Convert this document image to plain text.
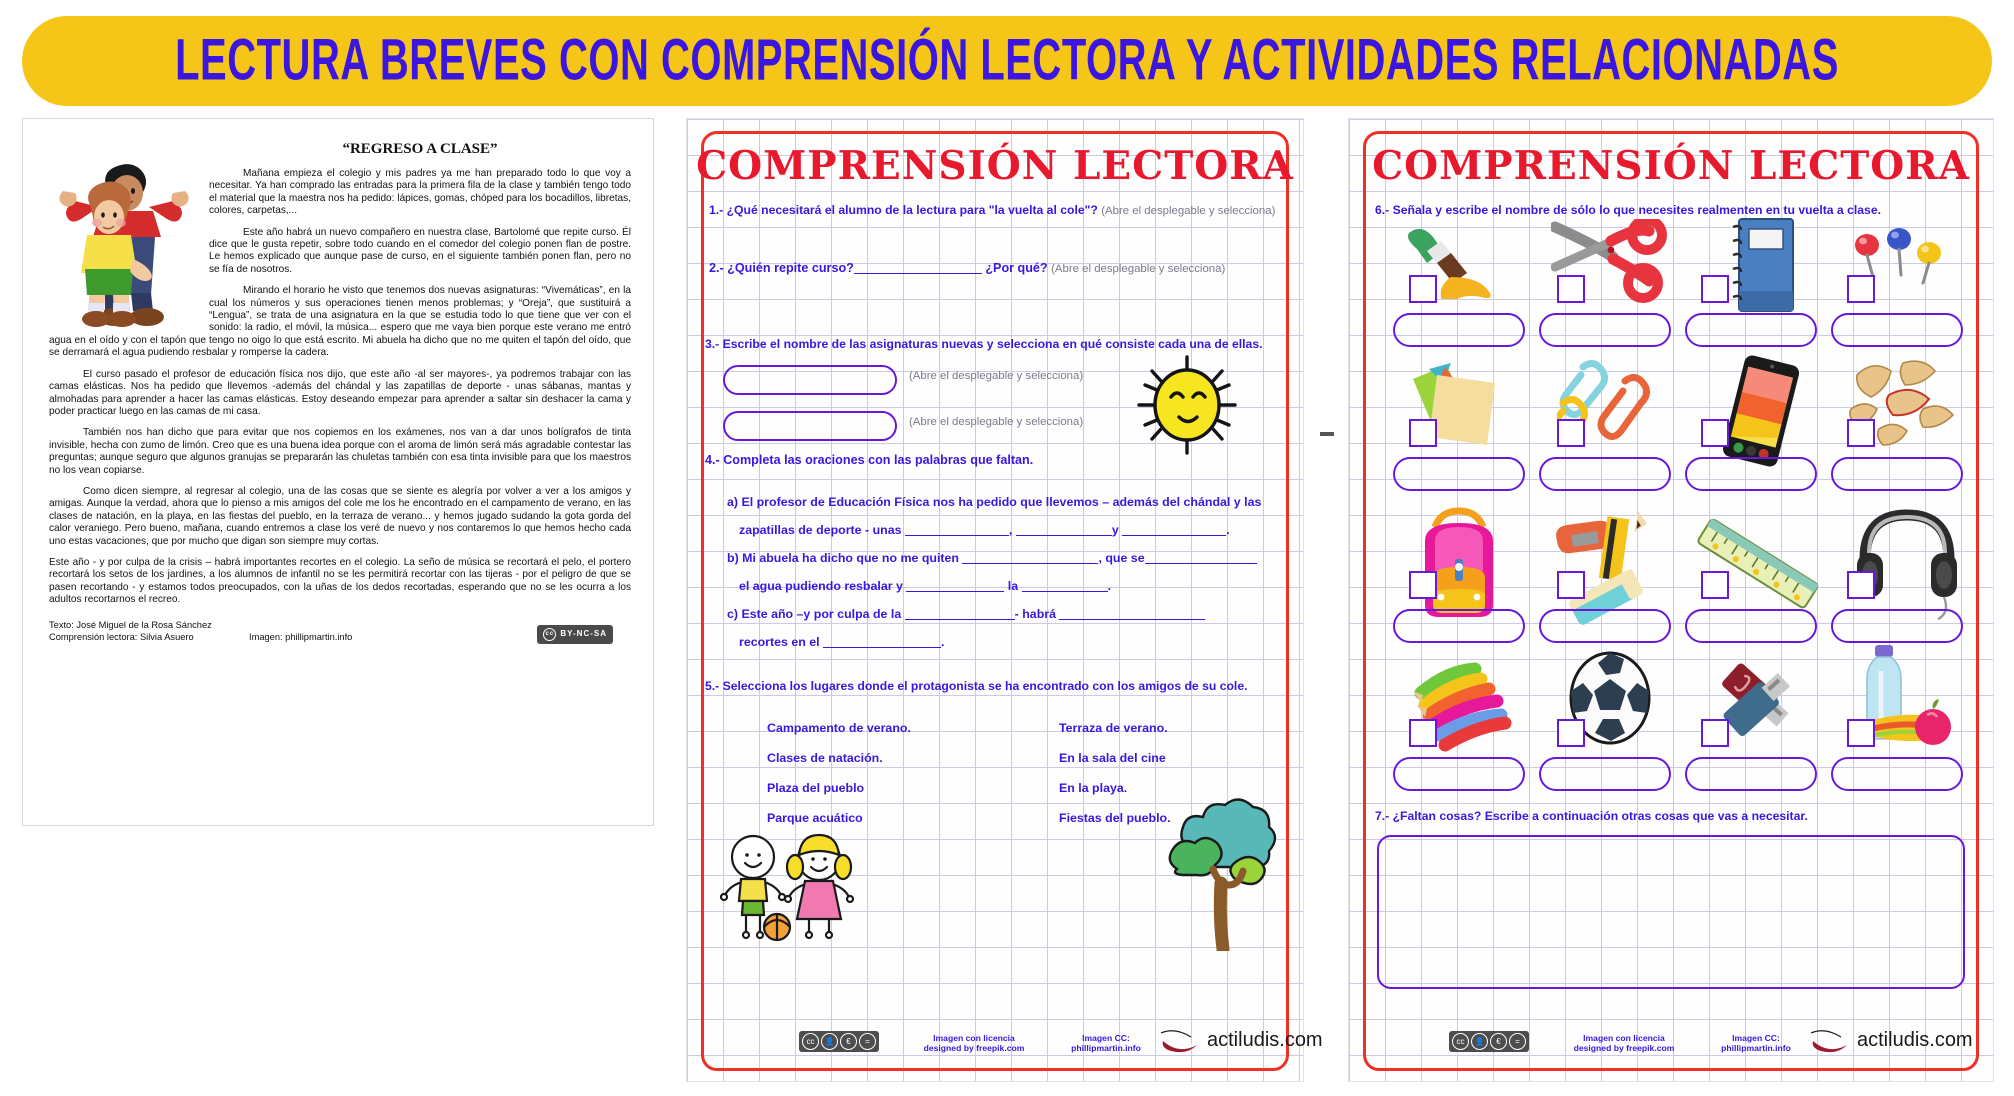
LECTURA BREVES CON COMPRENSIÓN LECTORA Y ACTIVIDADES RELACIONADAS
“REGRESO A CLASE”
Mañana empieza el colegio y mis padres ya me han preparado todo lo que voy a necesitar. Ya han comprado las entradas para la primera fila de la clase y también tengo todo el material que la maestra nos ha pedido: lápices, gomas, chóped para los bocadillos, libretas, colores, carpetas,...
Este año habrá un nuevo compañero en nuestra clase, Bartolomé que repite curso. Él dice que le gusta repetir, sobre todo cuando en el comedor del colegio ponen flan de postre. Le hemos explicado que aunque pase de curso, en el siguiente también ponen flan, pero no se fía de nosotros.
Mirando el horario he visto que tenemos dos nuevas asignaturas: “Vivemáticas”, en la cual los números y sus operaciones tienen menos problemas; y “Oreja”, que sustituirá a “Lengua”, se trata de una asignatura en la que se estudia todo lo que tiene que ver con el sonido: la radio, el móvil, la música... espero que me vaya bien porque este verano me entró agua en el oído y con el tapón que tengo no oigo lo que está escrito. Mi abuela ha dicho que no me quiten el tapón del oído, que se derramará el agua pudiendo resbalar y romperse la cadera.
El curso pasado el profesor de educación física nos dijo, que este año -al ser mayores-, ya podremos trabajar con las camas elásticas. Nos ha pedido que llevemos -además del chándal y las zapatillas de deporte - unas sábanas, mantas y almohadas para aprender a hacer las camas elásticas. Estoy deseando empezar para aprender a saltar sin deshacer la cama y poder practicar luego en las camas de mi casa.
También nos han dicho que para evitar que nos copiemos en los exámenes, nos van a dar unos bolígrafos de tinta invisible, hecha con zumo de limón. Creo que es una buena idea porque con el aroma de limón será más agradable contestar las preguntas; aunque seguro que algunos granujas se prepararán las chuletas también con esa tinta invisible para que los maestros no los vean copiarse.
Como dicen siempre, al regresar al colegio, una de las cosas que se siente es alegría por volver a ver a los amigos y amigas. Aunque la verdad, ahora que lo pienso a mis amigos del cole me los he encontrado en el campamento de verano, en las clases de natación, en la playa, en las fiestas del pueblo, en la terraza de verano... y hemos jugado sudando la gota gorda del calor veraniego. Pero bueno, mañana, cuando entremos a clase los veré de nuevo y nos contaremos lo que hemos hecho cada uno estas vacaciones, que por mucho que digan son siempre muy cortas.
Este año - y por culpa de la crisis – habrá importantes recortes en el colegio. La seño de música se recortará el pelo, el portero recortará los setos de los jardines, a los alumnos de infantil no se les permitirá recortar con las tijeras - por el peligro de que se pasen recortando - y estamos todos preocupados, con la uñas de los dedos recortadas, esperando que no se les ocurra a los adultos recortarnos el recreo.
Texto: José Miguel de la Rosa Sánchez
Comprensión lectora: Silvia Asuero	Imagen: phillipmartin.info	cc BY-NC-SA
COMPRENSIÓN LECTORA
1.- ¿Qué necesitará el alumno de la lectura para "la vuelta al cole"? (Abre el desplegable y selecciona)
2.- ¿Quién repite curso?	¿Por qué? (Abre el desplegable y selecciona)
3.- Escribe el nombre de las asignaturas nuevas y selecciona en qué consiste cada una de ellas.
(Abre el desplegable y selecciona)
(Abre el desplegable y selecciona)
4.- Completa las oraciones con las palabras que faltan.
a) El profesor de Educación Física nos ha pedido que llevemos – además del chándal y las
zapatillas de deporte - unas	,	y	.
b) Mi abuela ha dicho que no me quiten	, que se
el agua pudiendo resbalar y	la	.
c) Este año –y por culpa de la	- habrá
recortes en el	.
5.- Selecciona los lugares donde el protagonista se ha encontrado con los amigos de su cole.
Campamento de verano.
Clases de natación.
Plaza del pueblo
Parque acuático
Terraza de verano.
En la sala del cine
En la playa.
Fiestas del pueblo.
cc	👤	€	=	Imagen con licencia
designed by freepik.com
Imagen CC:
phillipmartin.info	actiludis.com
COMPRENSIÓN LECTORA
6.- Señala y escribe el nombre de sólo lo que necesites realmenten en tu vuelta a clase.
7.- ¿Faltan cosas? Escribe a continuación otras cosas que vas a necesitar.
cc	👤	€	=	Imagen con licencia
designed by freepik.com
Imagen CC:
phillipmartin.info	actiludis.com
